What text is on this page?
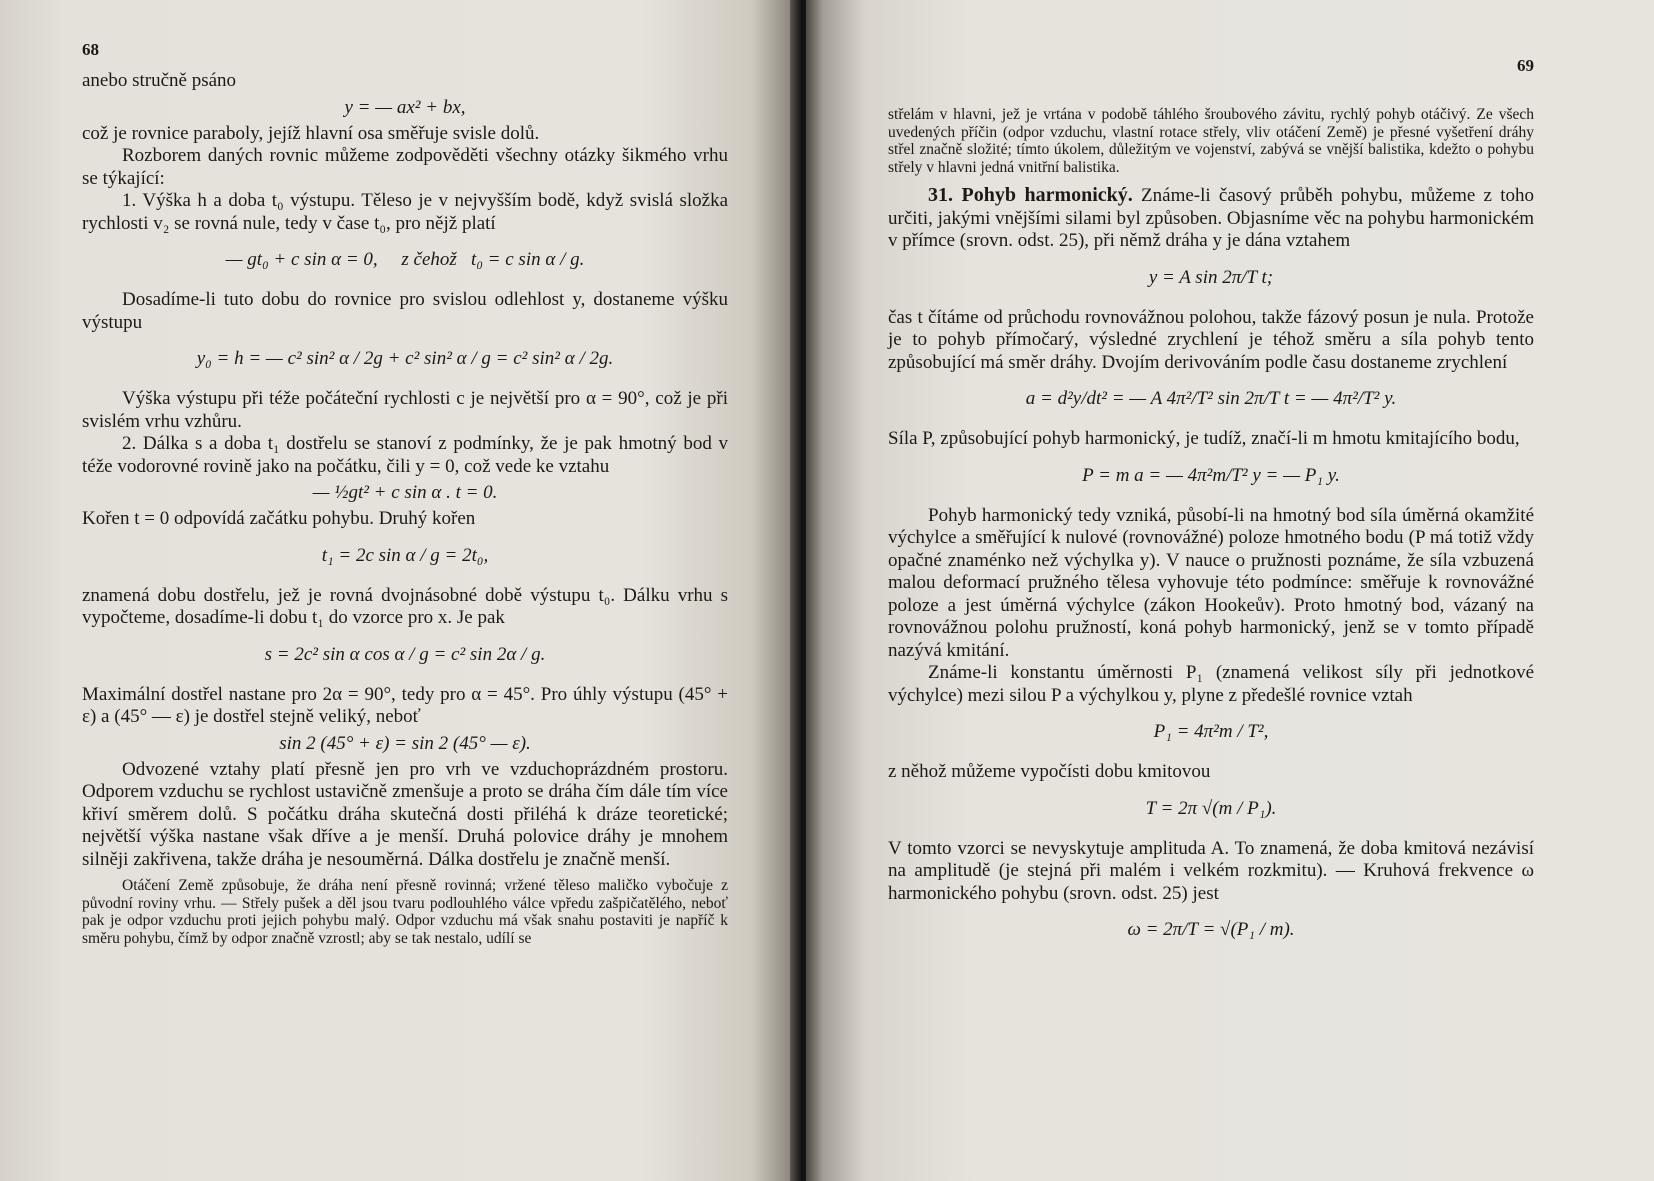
68

anebo stručně psáno

y = — ax² + bx,

což je rovnice paraboly, jejíž hlavní osa směřuje svisle dolů.

Rozborem daných rovnic můžeme zodpověděti všechny otázky šikmého vrhu se týkající:

1. Výška h a doba t₀ výstupu. Těleso je v nejvyšším bodě, když svislá složka rychlosti v₂ se rovná nule, tedy v čase t₀, pro nějž platí

— gt₀ + c sin α = 0,     z čehož   t₀ = c sin α / g.

Dosadíme-li tuto dobu do rovnice pro svislou odlehlost y, dostaneme výšku výstupu

y₀ = h = — c² sin² α / 2g + c² sin² α / g = c² sin² α / 2g.

Výška výstupu při téže počáteční rychlosti c je největší pro α = 90°, což je při svislém vrhu vzhůru.

2. Dálka s a doba t₁ dostřelu se stanoví z podmínky, že je pak hmotný bod v téže vodorovné rovině jako na počátku, čili y = 0, což vede ke vztahu

— ½gt² + c sin α . t = 0.

Kořen t = 0 odpovídá začátku pohybu. Druhý kořen

t₁ = 2c sin α / g = 2t₀,

znamená dobu dostřelu, jež je rovná dvojnásobné době výstupu t₀. Dálku vrhu s vypočteme, dosadíme-li dobu t₁ do vzorce pro x. Je pak

s = 2c² sin α cos α / g = c² sin 2α / g.

Maximální dostřel nastane pro 2α = 90°, tedy pro α = 45°. Pro úhly výstupu (45° + ε) a (45° — ε) je dostřel stejně veliký, neboť

sin 2 (45° + ε) = sin 2 (45° — ε).

Odvozené vztahy platí přesně jen pro vrh ve vzduchoprázdném prostoru. Odporem vzduchu se rychlost ustavičně zmenšuje a proto se dráha čím dále tím více křiví směrem dolů. S počátku dráha skutečná dosti přiléhá k dráze teoretické; největší výška nastane však dříve a je menší. Druhá polovice dráhy je mnohem silněji zakřivena, takže dráha je nesouměrná. Dálka dostřelu je značně menší.

Otáčení Země způsobuje, že dráha není přesně rovinná; vržené těleso maličko vybočuje z původní roviny vrhu. — Střely pušek a děl jsou tvaru podlouhlého válce vpředu zašpičatělého, neboť pak je odpor vzduchu proti jejich pohybu malý. Odpor vzduchu má však snahu postaviti je napříč k směru pohybu, čímž by odpor značně vzrostl; aby se tak nestalo, udílí se

69

střelám v hlavni, jež je vrtána v podobě táhlého šroubového závitu, rychlý pohyb otáčivý. Ze všech uvedených příčin (odpor vzduchu, vlastní rotace střely, vliv otáčení Země) je přesné vyšetření dráhy střel značně složité; tímto úkolem, důležitým ve vojenství, zabývá se vnější balistika, kdežto o pohybu střely v hlavni jedná vnitřní balistika.

31. Pohyb harmonický. Známe-li časový průběh pohybu, můžeme z toho určiti, jakými vnějšími silami byl způsoben. Objasníme věc na pohybu harmonickém v přímce (srovn. odst. 25), při němž dráha y je dána vztahem

y = A sin 2π/T t;

čas t čítáme od průchodu rovnovážnou polohou, takže fázový posun je nula. Protože je to pohyb přímočarý, výsledné zrychlení je téhož směru a síla pohyb tento způsobující má směr dráhy. Dvojím derivováním podle času dostaneme zrychlení

a = d²y/dt² = — A 4π²/T² sin 2π/T t = — 4π²/T² y.

Síla P, způsobující pohyb harmonický, je tudíž, značí-li m hmotu kmitajícího bodu,

P = m a = — 4π²m/T² y = — P₁ y.

Pohyb harmonický tedy vzniká, působí-li na hmotný bod síla úměrná okamžité výchylce a směřující k nulové (rovnovážné) poloze hmotného bodu (P má totiž vždy opačné znaménko než výchylka y). V nauce o pružnosti poznáme, že síla vzbuzená malou deformací pružného tělesa vyhovuje této podmínce: směřuje k rovnovážné poloze a jest úměrná výchylce (zákon Hookeův). Proto hmotný bod, vázaný na rovnovážnou polohu pružností, koná pohyb harmonický, jenž se v tomto případě nazývá kmitání.

Známe-li konstantu úměrnosti P₁ (znamená velikost síly při jednotkové výchylce) mezi silou P a výchylkou y, plyne z předešlé rovnice vztah

P₁ = 4π²m / T²,

z něhož můžeme vypočísti dobu kmitovou

T = 2π √(m / P₁).

V tomto vzorci se nevyskytuje amplituda A. To znamená, že doba kmitová nezávisí na amplitudě (je stejná při malém i velkém rozkmitu). — Kruhová frekvence ω harmonického pohybu (srovn. odst. 25) jest

ω = 2π/T = √(P₁ / m).
